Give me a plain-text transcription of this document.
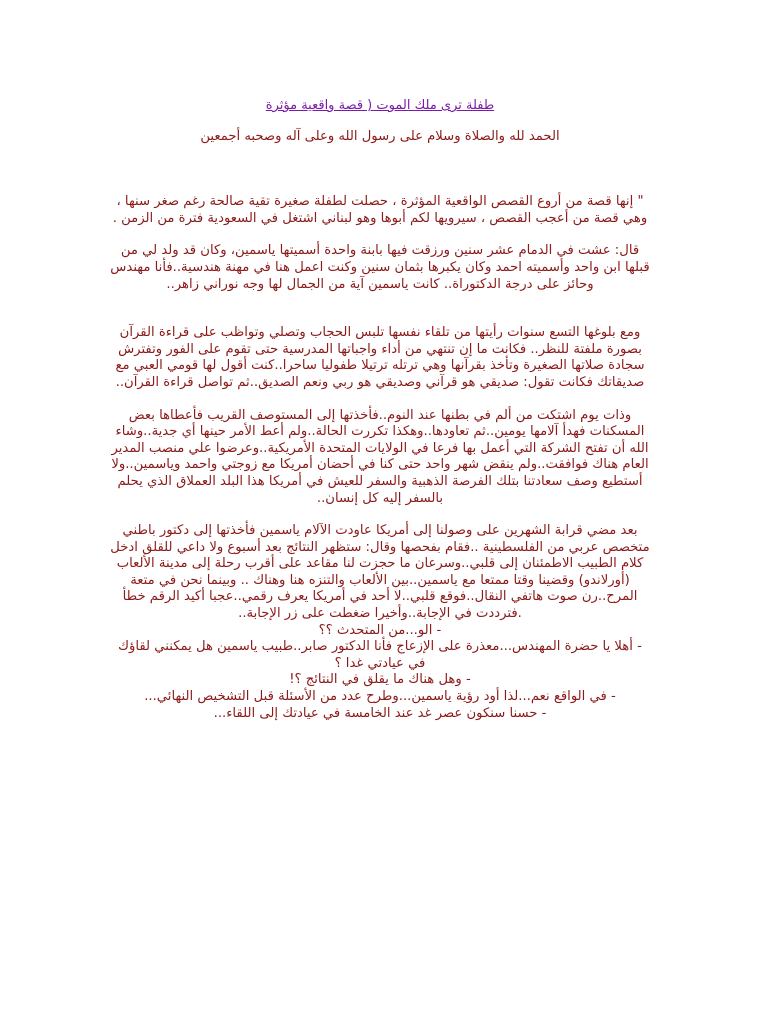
طفلة ترى ملك الموت ( قصة واقعية مؤثرة
الحمد لله والصلاة وسلام على رسول الله وعلى آله وصحبه أجمعين
" إنها قصة من أروع القصص الواقعية المؤثرة ، حصلت لطفلة صغيرة تقية صالحة رغم صغر سنها ، وهي قصة من أعجب القصص ، سيرويها لكم أبوها وهو لبناني اشتغل في السعودية فترة من الزمن .
قال: عشت في الدمام عشر سنين ورزقت فيها بابنة واحدة أسميتها ياسمين، وكان قد ولد لي من قبلها ابن واحد وأسميته احمد وكان يكبرها بثمان سنين وكنت اعمل هنا في مهنة هندسية..فأنا مهندس وحائز على درجة الدكتوراة.. كانت ياسمين آية من الجمال لها وجه نوراني زاهر..
ومع بلوغها التسع سنوات رأيتها من تلقاء نفسها تلبس الحجاب وتصلي وتواظب على قراءة القرآن بصورة ملفتة للنظر.. فكانت ما إن تنتهي من أداء واجباتها المدرسية حتى تقوم على الفور وتفترش سجادة صلاتها الصغيرة وتأخذ بقرآنها وهي ترتله ترتيلا طفوليا ساحرا..كنت أقول لها قومي العبي مع صديقاتك فكانت تقول: صديقي هو قرآني وصديقي هو ربي ونعم الصديق..ثم تواصل قراءة القرآن..
وذات يوم اشتكت من ألم في بطنها عند النوم..فأخذتها إلى المستوصف القريب فأعطاها بعض المسكنات فهدأ آلامها يومين..ثم تعاودها..وهكذا تكررت الحالة..ولم أعط الأمر حينها أي جدية..وشاء الله أن تفتح الشركة التي أعمل بها فرعا في الولايات المتحدة الأمريكية..وعرضوا علي منصب المدير العام هناك فوافقت..ولم ينقض شهر واحد حتى كنا في أحضان أمريكا مع زوجتي واحمد وياسمين..ولا أستطيع وصف سعادتنا بتلك الفرصة الذهبية والسفر للعيش في أمريكا هذا البلد العملاق الذي يحلم بالسفر إليه كل إنسان..
بعد مضي قرابة الشهرين على وصولنا إلى أمريكا عاودت الآلام ياسمين فأخذتها إلى دكتور باطني متخصص عربي من الفلسطينية ..فقام بفحصها وقال: ستظهر النتائج بعد أسبوع ولا داعي للقلق ادخل كلام الطبيب الاطمئنان إلى قلبي..وسرعان ما حجزت لنا مقاعد على أقرب رحلة إلى مدينة الألعاب (أورلاندو) وقضينا وقتا ممتعا مع ياسمين..بين الألعاب والتنزه هنا وهناك .. وبينما نحن في متعة المرح..رن صوت هاتفي النقال..فوقع قلبي..لا أحد في أمريكا يعرف رقمي..عجبا أكيد الرقم خطأ .فترددت في الإجابة..وأخيرا ضغطت على زر الإجابة..
- الو...من المتحدث ؟؟
- أهلا يا حضرة المهندس...معذرة على الإزعاج فأنا الدكتور صابر..طبيب ياسمين هل يمكنني لقاؤك في عيادتي غدا ؟
- وهل هناك ما يقلق في النتائج ؟!
- في الواقع نعم...لذا أود رؤية ياسمين...وطرح عدد من الأسئلة قبل التشخيص النهائي...
- حسنا سنكون عصر غد عند الخامسة في عيادتك إلى اللقاء...
